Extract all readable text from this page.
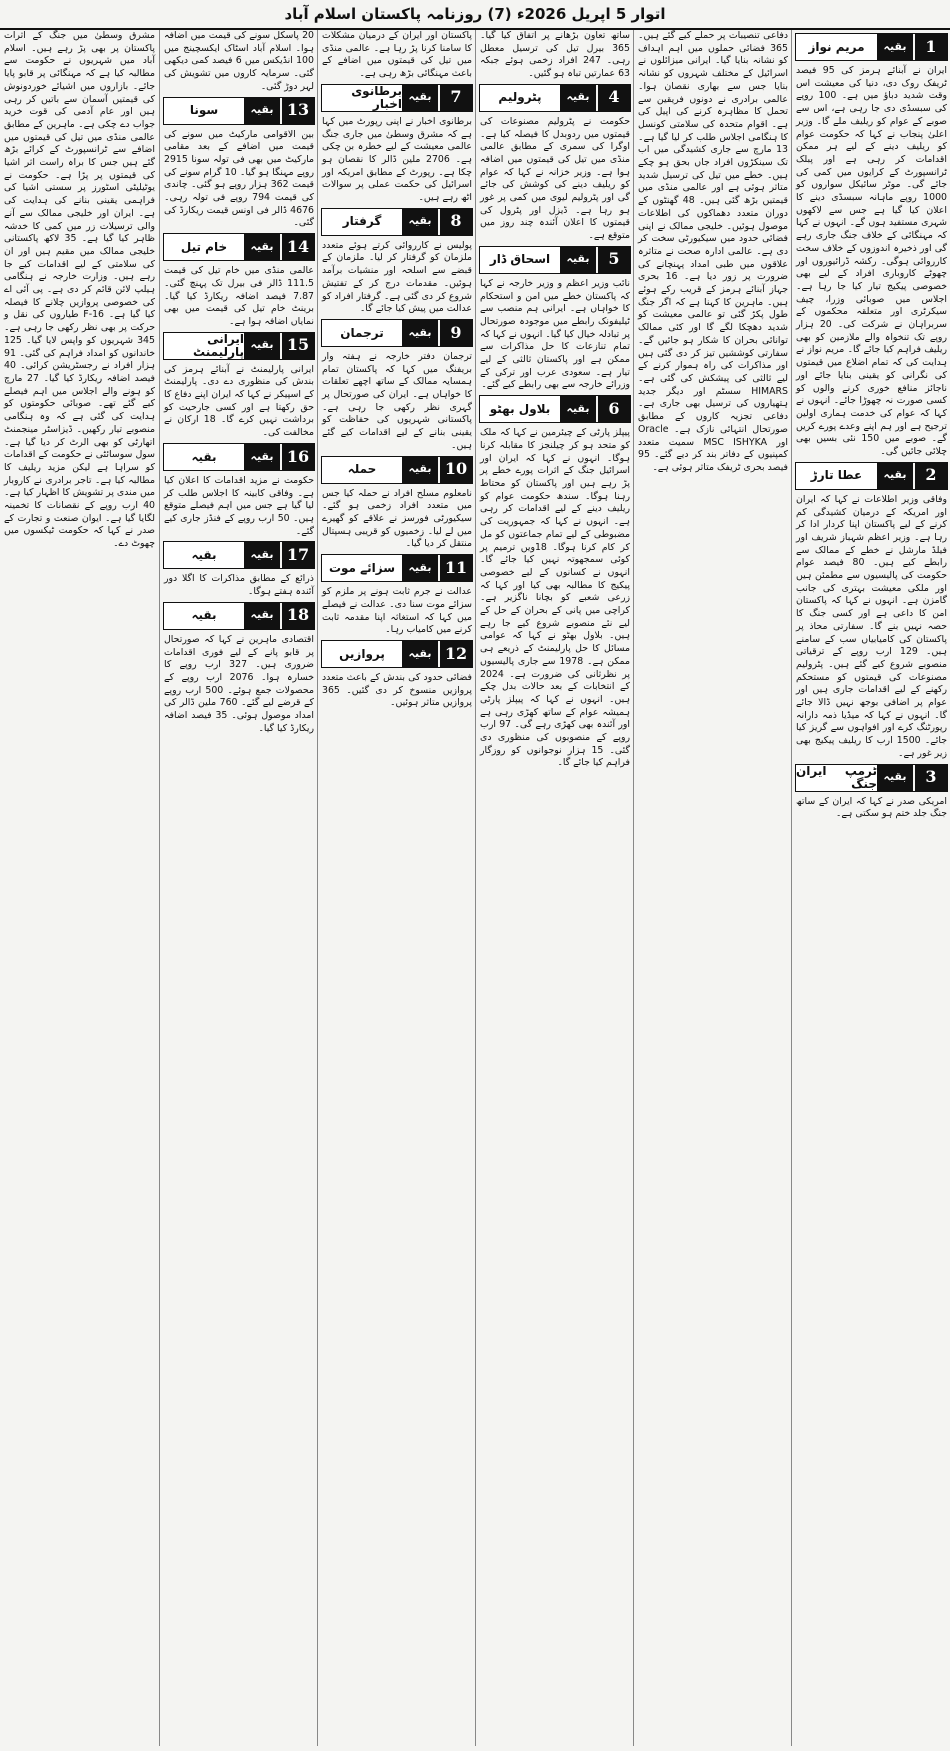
اتوار 5 اپریل 2026ء (7) روزنامہ پاکستان اسلام آباد
مریم نواز	بقیہ	1

ایران نے آبنائے ہرمز کی 95 فیصد ٹریفک روک دی، دنیا کی معیشت اس وقت شدید دباؤ میں ہے۔ 100 روپے کی سبسڈی دی جا رہی ہے، اس سے صوبے کے عوام کو ریلیف ملے گا۔ وزیر اعلیٰ پنجاب نے کہا کہ حکومت عوام کو ریلیف دینے کے لیے ہر ممکن اقدامات کر رہی ہے اور پبلک ٹرانسپورٹ کے کرایوں میں کمی کی جائے گی۔ موٹر سائیکل سواروں کو 1000 روپے ماہانہ سبسڈی دینے کا اعلان کیا گیا ہے جس سے لاکھوں شہری مستفید ہوں گے۔ انہوں نے کہا کہ مہنگائی کے خلاف جنگ جاری رہے گی اور ذخیرہ اندوزوں کے خلاف سخت کارروائی ہوگی۔ رکشہ ڈرائیوروں اور چھوٹے کاروباری افراد کے لیے بھی خصوصی پیکیج تیار کیا جا رہا ہے۔ اجلاس میں صوبائی وزرا، چیف سیکرٹری اور متعلقہ محکموں کے سربراہان نے شرکت کی۔ 20 ہزار روپے تک تنخواہ والے ملازمین کو بھی ریلیف فراہم کیا جائے گا۔ مریم نواز نے ہدایت کی کہ تمام اضلاع میں قیمتوں کی نگرانی کو یقینی بنایا جائے اور ناجائز منافع خوری کرنے والوں کو کسی صورت نہ چھوڑا جائے۔ انہوں نے کہا کہ عوام کی خدمت ہماری اولین ترجیح ہے اور ہم اپنے وعدے پورے کریں گے۔ صوبے میں 150 نئی بسیں بھی چلائی جائیں گی۔

عطا تارڑ	بقیہ	2

وفاقی وزیر اطلاعات نے کہا کہ ایران اور امریکہ کے درمیان کشیدگی کم کرنے کے لیے پاکستان اپنا کردار ادا کر رہا ہے۔ وزیر اعظم شہباز شریف اور فیلڈ مارشل نے خطے کے ممالک سے رابطے کیے ہیں۔ 80 فیصد عوام حکومت کی پالیسیوں سے مطمئن ہیں اور ملکی معیشت بہتری کی جانب گامزن ہے۔ انہوں نے کہا کہ پاکستان امن کا داعی ہے اور کسی جنگ کا حصہ نہیں بنے گا۔ سفارتی محاذ پر پاکستان کی کامیابیاں سب کے سامنے ہیں۔ 129 ارب روپے کے ترقیاتی منصوبے شروع کیے گئے ہیں۔ پٹرولیم مصنوعات کی قیمتوں کو مستحکم رکھنے کے لیے اقدامات جاری ہیں اور عوام پر اضافی بوجھ نہیں ڈالا جائے گا۔ انہوں نے کہا کہ میڈیا ذمہ دارانہ رپورٹنگ کرے اور افواہوں سے گریز کیا جائے۔ 1500 ارب کا ریلیف پیکیج بھی زیر غور ہے۔

ٹرمپ ایران جنگ بقیہ	3

امریکی صدر نے کہا کہ ایران کے ساتھ جنگ جلد ختم ہو سکتی ہے۔

دفاعی تنصیبات پر حملے کیے گئے ہیں۔ 365 فضائی حملوں میں اہم اہداف کو نشانہ بنایا گیا۔ ایرانی میزائلوں نے اسرائیل کے مختلف شہروں کو نشانہ بنایا جس سے بھاری نقصان ہوا۔ عالمی برادری نے دونوں فریقین سے تحمل کا مظاہرہ کرنے کی اپیل کی ہے۔ اقوام متحدہ کی سلامتی کونسل کا ہنگامی اجلاس طلب کر لیا گیا ہے۔ 13 مارچ سے جاری کشیدگی میں اب تک سینکڑوں افراد جاں بحق ہو چکے ہیں۔ خطے میں تیل کی ترسیل شدید متاثر ہوئی ہے اور عالمی منڈی میں قیمتیں بڑھ گئی ہیں۔ 48 گھنٹوں کے دوران متعدد دھماکوں کی اطلاعات موصول ہوئیں۔ خلیجی ممالک نے اپنی فضائی حدود میں سیکیورٹی سخت کر دی ہے۔ عالمی ادارہ صحت نے متاثرہ علاقوں میں طبی امداد پہنچانے کی ضرورت پر زور دیا ہے۔ 16 بحری جہاز آبنائے ہرمز کے قریب رکے ہوئے ہیں۔ ماہرین کا کہنا ہے کہ اگر جنگ طول پکڑ گئی تو عالمی معیشت کو شدید دھچکا لگے گا اور کئی ممالک توانائی بحران کا شکار ہو جائیں گے۔ سفارتی کوششیں تیز کر دی گئی ہیں اور مذاکرات کی راہ ہموار کرنے کے لیے ثالثی کی پیشکش کی گئی ہے۔ HIMARS سسٹم اور دیگر جدید ہتھیاروں کی ترسیل بھی جاری ہے۔ دفاعی تجزیہ کاروں کے مطابق صورتحال انتہائی نازک ہے۔ Oracle اور MSC ISHYKA سمیت متعدد کمپنیوں کے دفاتر بند کر دیے گئے۔ 95 فیصد بحری ٹریفک متاثر ہوئی ہے۔

ساتھ تعاون بڑھانے پر اتفاق کیا گیا۔ 365 بیرل تیل کی ترسیل معطل رہی۔ 247 افراد زخمی ہوئے جبکہ 63 عمارتیں تباہ ہو گئیں۔

پٹرولیم	بقیہ	4

حکومت نے پٹرولیم مصنوعات کی قیمتوں میں ردوبدل کا فیصلہ کیا ہے۔ اوگرا کی سمری کے مطابق عالمی منڈی میں تیل کی قیمتوں میں اضافہ ہوا ہے۔ وزیر خزانہ نے کہا کہ عوام کو ریلیف دینے کی کوشش کی جائے گی اور پٹرولیم لیوی میں کمی پر غور ہو رہا ہے۔ ڈیزل اور پٹرول کی قیمتوں کا اعلان آئندہ چند روز میں متوقع ہے۔

اسحاق ڈار	بقیہ	5

نائب وزیر اعظم و وزیر خارجہ نے کہا کہ پاکستان خطے میں امن و استحکام کا خواہاں ہے۔ ایرانی ہم منصب سے ٹیلیفونک رابطے میں موجودہ صورتحال پر تبادلہ خیال کیا گیا۔ انہوں نے کہا کہ تمام تنازعات کا حل مذاکرات سے ممکن ہے اور پاکستان ثالثی کے لیے تیار ہے۔ سعودی عرب اور ترکی کے وزرائے خارجہ سے بھی رابطے کیے گئے۔

بلاول بھٹو	بقیہ	6

پیپلز پارٹی کے چیئرمین نے کہا کہ ملک کو متحد ہو کر چیلنجز کا مقابلہ کرنا ہوگا۔ انہوں نے کہا کہ ایران اور اسرائیل جنگ کے اثرات پورے خطے پر پڑ رہے ہیں اور پاکستان کو محتاط رہنا ہوگا۔ سندھ حکومت عوام کو ریلیف دینے کے لیے اقدامات کر رہی ہے۔ انہوں نے کہا کہ جمہوریت کی مضبوطی کے لیے تمام جماعتوں کو مل کر کام کرنا ہوگا۔ 18ویں ترمیم پر کوئی سمجھوتہ نہیں کیا جائے گا۔ انہوں نے کسانوں کے لیے خصوصی پیکیج کا مطالبہ بھی کیا اور کہا کہ زرعی شعبے کو بچانا ناگزیر ہے۔ کراچی میں پانی کے بحران کے حل کے لیے نئے منصوبے شروع کیے جا رہے ہیں۔ بلاول بھٹو نے کہا کہ عوامی مسائل کا حل پارلیمنٹ کے ذریعے ہی ممکن ہے۔ 1978 سے جاری پالیسیوں پر نظرثانی کی ضرورت ہے۔ 2024 کے انتخابات کے بعد حالات بدل چکے ہیں۔ انہوں نے کہا کہ پیپلز پارٹی ہمیشہ عوام کے ساتھ کھڑی رہی ہے اور آئندہ بھی کھڑی رہے گی۔ 97 ارب روپے کے منصوبوں کی منظوری دی گئی۔ 15 ہزار نوجوانوں کو روزگار فراہم کیا جائے گا۔

پاکستان اور ایران کے درمیان مشکلات کا سامنا کرنا پڑ رہا ہے۔ عالمی منڈی میں تیل کی قیمتوں میں اضافے کے باعث مہنگائی بڑھ رہی ہے۔

برطانوی اخبار بقیہ	7

برطانوی اخبار نے اپنی رپورٹ میں کہا ہے کہ مشرق وسطیٰ میں جاری جنگ عالمی معیشت کے لیے خطرہ بن چکی ہے۔ 2706 ملین ڈالر کا نقصان ہو چکا ہے۔ رپورٹ کے مطابق امریکہ اور اسرائیل کی حکمت عملی پر سوالات اٹھ رہے ہیں۔

گرفتار	بقیہ	8

پولیس نے کارروائی کرتے ہوئے متعدد ملزمان کو گرفتار کر لیا۔ ملزمان کے قبضے سے اسلحہ اور منشیات برآمد ہوئیں۔ مقدمات درج کر کے تفتیش شروع کر دی گئی ہے۔ گرفتار افراد کو عدالت میں پیش کیا جائے گا۔

ترجمان	بقیہ	9

ترجمان دفتر خارجہ نے ہفتہ وار بریفنگ میں کہا کہ پاکستان تمام ہمسایہ ممالک کے ساتھ اچھے تعلقات کا خواہاں ہے۔ ایران کی صورتحال پر گہری نظر رکھی جا رہی ہے۔ پاکستانی شہریوں کی حفاظت کو یقینی بنانے کے لیے اقدامات کیے گئے ہیں۔

حملہ	بقیہ 10

نامعلوم مسلح افراد نے حملہ کیا جس میں متعدد افراد زخمی ہو گئے۔ سیکیورٹی فورسز نے علاقے کو گھیرے میں لے لیا۔ زخمیوں کو قریبی ہسپتال منتقل کر دیا گیا۔

سزائے موت	بقیہ 11

عدالت نے جرم ثابت ہونے پر ملزم کو سزائے موت سنا دی۔ عدالت نے فیصلے میں کہا کہ استغاثہ اپنا مقدمہ ثابت کرنے میں کامیاب رہا۔

پروازیں	بقیہ 12

فضائی حدود کی بندش کے باعث متعدد پروازیں منسوخ کر دی گئیں۔ 365 پروازیں متاثر ہوئیں۔

20 پاسکل سونے کی قیمت میں اضافہ ہوا۔ اسلام آباد اسٹاک ایکسچینج میں 100 انڈیکس میں 6 فیصد کمی دیکھی گئی۔ سرمایہ کاروں میں تشویش کی لہر دوڑ گئی۔

سونا	بقیہ 13

بین الاقوامی مارکیٹ میں سونے کی قیمت میں اضافے کے بعد مقامی مارکیٹ میں بھی فی تولہ سونا 2915 روپے مہنگا ہو گیا۔ 10 گرام سونے کی قیمت 362 ہزار روپے ہو گئی۔ چاندی کی قیمت 794 روپے فی تولہ رہی۔ 4676 ڈالر فی اونس قیمت ریکارڈ کی گئی۔

خام تیل	بقیہ 14

عالمی منڈی میں خام تیل کی قیمت 111.5 ڈالر فی بیرل تک پہنچ گئی۔ 7.87 فیصد اضافہ ریکارڈ کیا گیا۔ برینٹ خام تیل کی قیمت میں بھی نمایاں اضافہ ہوا ہے۔

ایرانی پارلیمنٹ بقیہ 15

ایرانی پارلیمنٹ نے آبنائے ہرمز کی بندش کی منظوری دے دی۔ پارلیمنٹ کے اسپیکر نے کہا کہ ایران اپنے دفاع کا حق رکھتا ہے اور کسی جارحیت کو برداشت نہیں کرے گا۔ 18 ارکان نے مخالفت کی۔

بقیہ	بقیہ 16

حکومت نے مزید اقدامات کا اعلان کیا ہے۔ وفاقی کابینہ کا اجلاس طلب کر لیا گیا ہے جس میں اہم فیصلے متوقع ہیں۔ 50 ارب روپے کے فنڈز جاری کیے گئے۔

بقیہ	بقیہ 17

ذرائع کے مطابق مذاکرات کا اگلا دور آئندہ ہفتے ہوگا۔

بقیہ	بقیہ 18

اقتصادی ماہرین نے کہا کہ صورتحال پر قابو پانے کے لیے فوری اقدامات ضروری ہیں۔ 327 ارب روپے کا خسارہ ہوا۔ 2076 ارب روپے کے محصولات جمع ہوئے۔ 500 ارب روپے کے قرضے لیے گئے۔ 760 ملین ڈالر کی امداد موصول ہوئی۔ 35 فیصد اضافہ ریکارڈ کیا گیا۔

مشرق وسطیٰ میں جنگ کے اثرات پاکستان پر بھی پڑ رہے ہیں۔ اسلام آباد میں شہریوں نے حکومت سے مطالبہ کیا ہے کہ مہنگائی پر قابو پایا جائے۔ بازاروں میں اشیائے خوردونوش کی قیمتیں آسمان سے باتیں کر رہی ہیں اور عام آدمی کی قوت خرید جواب دے چکی ہے۔ ماہرین کے مطابق عالمی منڈی میں تیل کی قیمتوں میں اضافے سے ٹرانسپورٹ کے کرائے بڑھ گئے ہیں جس کا براہ راست اثر اشیا کی قیمتوں پر پڑا ہے۔ حکومت نے یوٹیلیٹی اسٹورز پر سستی اشیا کی فراہمی یقینی بنانے کی ہدایت کی ہے۔ ایران اور خلیجی ممالک سے آنے والی ترسیلات زر میں کمی کا خدشہ ظاہر کیا گیا ہے۔ 35 لاکھ پاکستانی خلیجی ممالک میں مقیم ہیں اور ان کی سلامتی کے لیے اقدامات کیے جا رہے ہیں۔ وزارت خارجہ نے ہنگامی ہیلپ لائن قائم کر دی ہے۔ پی آئی اے کی خصوصی پروازیں چلانے کا فیصلہ کیا گیا ہے۔ F-16 طیاروں کی نقل و حرکت پر بھی نظر رکھی جا رہی ہے۔ 345 شہریوں کو واپس لایا گیا۔ 125 خاندانوں کو امداد فراہم کی گئی۔ 91 ہزار افراد نے رجسٹریشن کرائی۔ 40 فیصد اضافہ ریکارڈ کیا گیا۔ 27 مارچ کو ہونے والے اجلاس میں اہم فیصلے کیے گئے تھے۔ صوبائی حکومتوں کو ہدایت کی گئی ہے کہ وہ ہنگامی منصوبے تیار رکھیں۔ ڈیزاسٹر مینجمنٹ اتھارٹی کو بھی الرٹ کر دیا گیا ہے۔ سول سوسائٹی نے حکومت کے اقدامات کو سراہا ہے لیکن مزید ریلیف کا مطالبہ کیا ہے۔ تاجر برادری نے کاروبار میں مندی پر تشویش کا اظہار کیا ہے۔ 40 ارب روپے کے نقصانات کا تخمینہ لگایا گیا ہے۔ ایوان صنعت و تجارت کے صدر نے کہا کہ حکومت ٹیکسوں میں چھوٹ دے۔
